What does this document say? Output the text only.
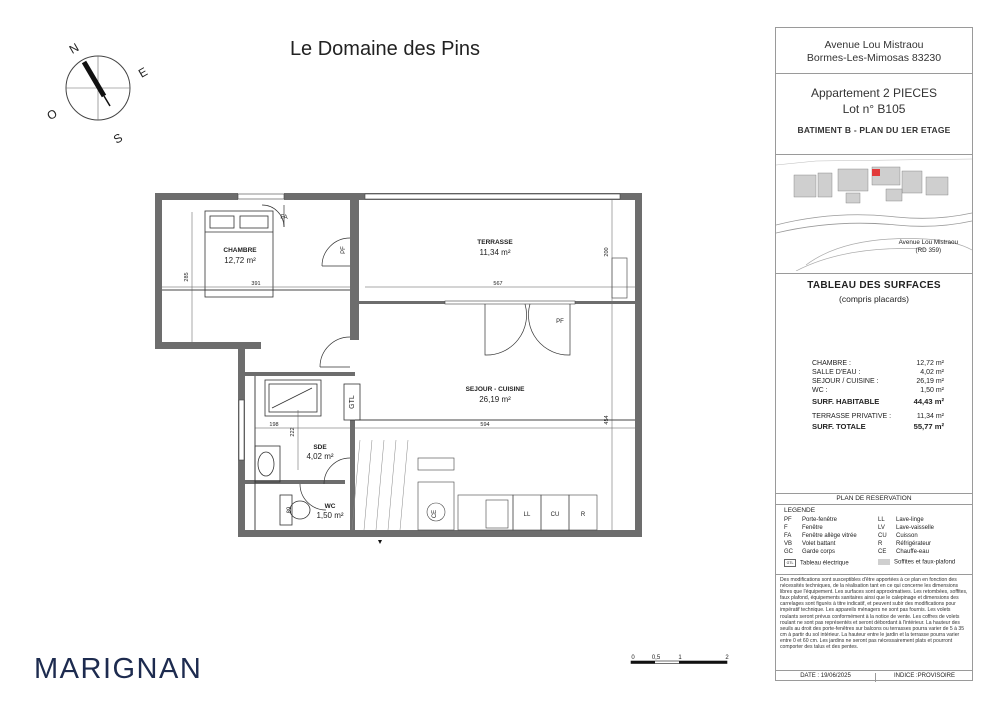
Le Domaine des Pins
N
E
S
O
CHAMBRE
12,72 m²
TERRASSE
11,34 m²
SEJOUR - CUISINE
26,19 m²
SDE
4,02 m²
WC
1,50 m²
FA
PF
PF
GTL
CE	LL	CU	R
89
285
391	567
200
198
222
594
454
0	0,5	1	2
MARIGNAN
Avenue Lou Mistraou
Bormes-Les-Mimosas 83230
Appartement 2 PIECES
Lot n° B105
BATIMENT B - PLAN DU 1ER ETAGE
Avenue Lou Mistraou
(RD 359)
TABLEAU DES SURFACES
(compris placards)
CHAMBRE :	12,72 m²
SALLE D'EAU :	4,02 m²
SEJOUR / CUISINE :	26,19 m²
WC :	1,50 m²
SURF. HABITABLE	44,43 m²
TERRASSE PRIVATIVE :	11,34 m²
SURF. TOTALE	55,77 m²
PLAN DE RESERVATION
LEGENDE
PF Porte-fenêtre
F Fenêtre
FA Fenêtre allège vitrée
VB Volet battant
GC Garde corps
LL Lave-linge
LV Lave-vaisselle
CU Cuisson
R Réfrigérateur
CE Chauffe-eau
GTL Tableau électrique	Soffites et faux-plafond
Des modifications sont susceptibles d'être apportées à ce plan en fonction des nécessités techniques, de la réalisation tant en ce qui concerne les dimensions libres que l'équipement. Les surfaces sont approximatives. Les retombées, soffites, faux plafond, équipements sanitaires ainsi que le calepinage et dimensions des carrelages sont figurés à titre indicatif, et peuvent subir des modifications pour impératif technique. Les appareils ménagers ne sont pas fournis. Les volets roulants seront prévus conformément à la notice de vente. Les coffres de volets roulant ne sont pas représentés et seront débordant à l'intérieur. La hauteur des seuils au droit des porte-fenêtres sur balcons ou terrasses pourra varier de 5 à 35 cm à partir du sol intérieur. La hauteur entre le jardin et la terrasse pourra varier entre 0 et 60 cm. Les jardins ne seront pas nécessairement plats et pourront comporter des talus et des pentes.
DATE : 19/06/2025	INDICE :PROVISOIRE
